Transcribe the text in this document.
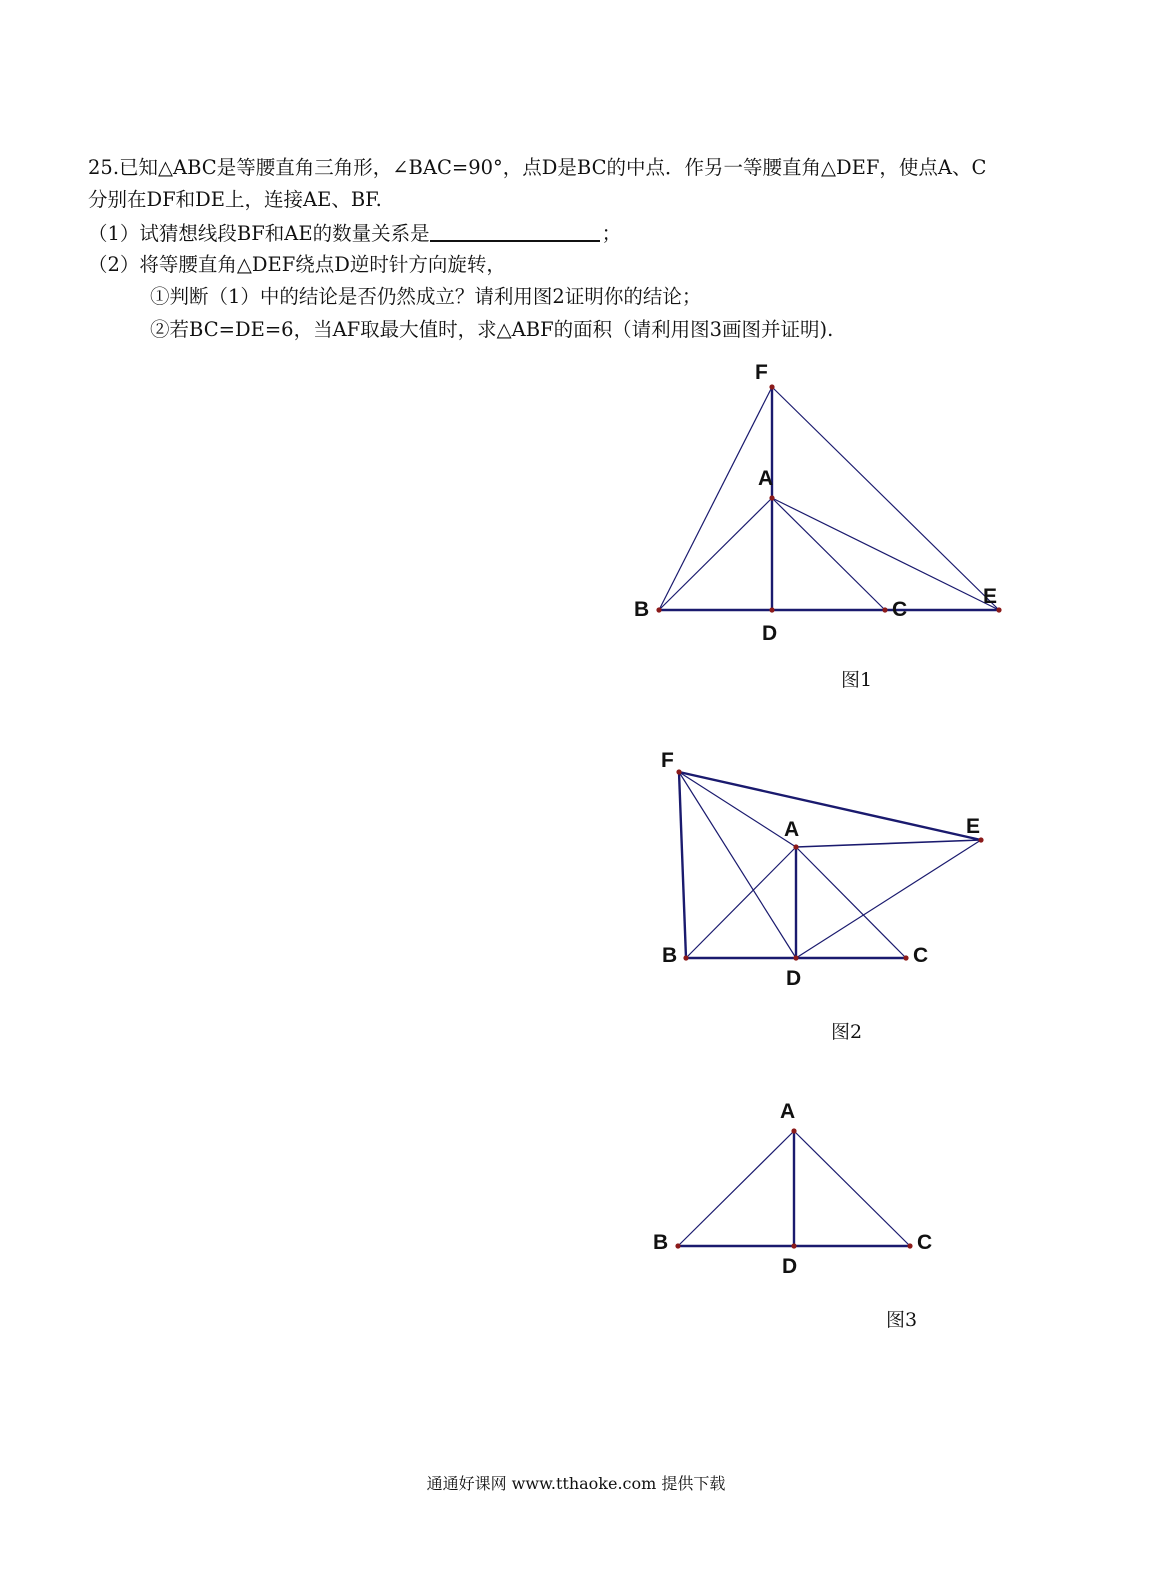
25.已知△ABC是等腰直角三角形，∠BAC=90°，点D是BC的中点．作另一等腰直角△DEF，使点A、C
分别在DF和DE上，连接AE、BF.
（1）试猜想线段BF和AE的数量关系是	；
（2）将等腰直角△DEF绕点D逆时针方向旋转，
①判断（1）中的结论是否仍然成立？请利用图2证明你的结论；
②若BC=DE=6，当AF取最大值时，求△ABF的面积（请利用图3画图并证明).
F
A
B
D
C
E
图1
F
A	E
B
D
C
图2
A
B
D
C
图3
通通好课网 www.tthaoke.com 提供下载
